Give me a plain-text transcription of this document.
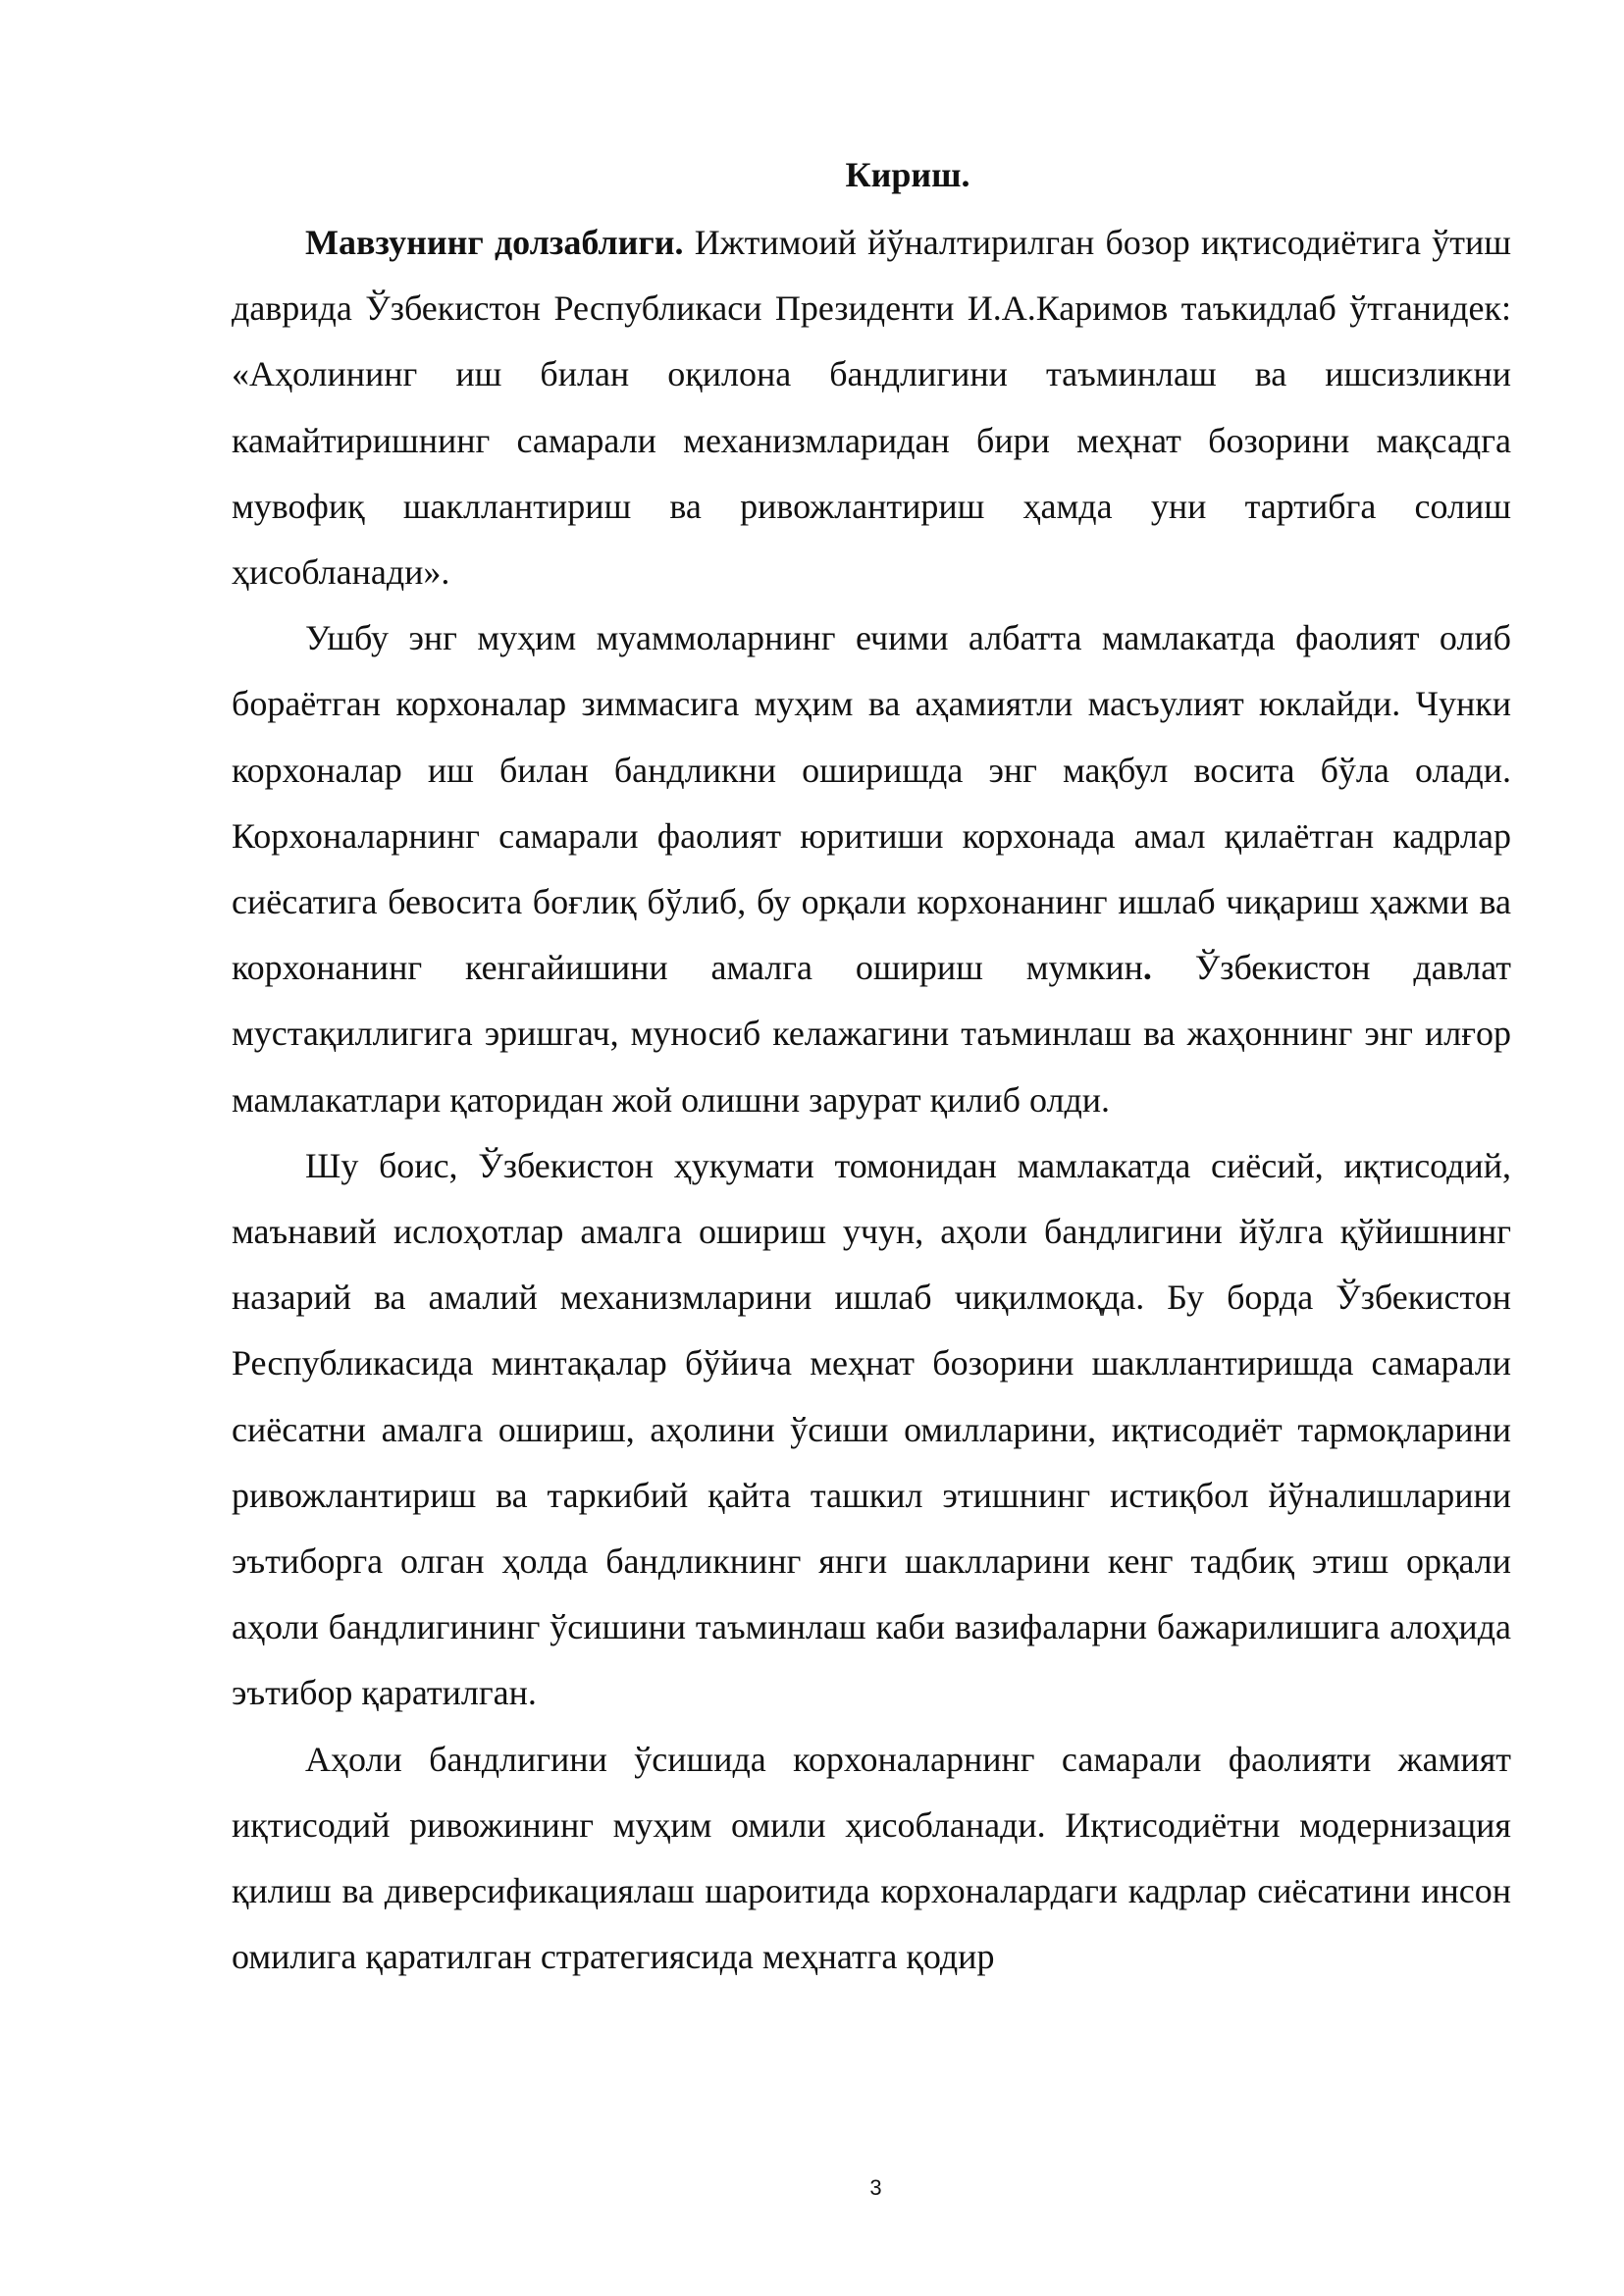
Кириш.

Мавзунинг долзаблиги. Ижтимоий йўналтирилган бозор иқтисодиётига ўтиш даврида Ўзбекистон Республикаси Президенти И.А.Каримов таъкидлаб ўтганидек: «Аҳолининг иш билан оқилона бандлигини таъминлаш ва ишсизликни камайтиришнинг самарали механизмларидан бири меҳнат бозорини мақсадга мувофиқ шакллантириш ва ривожлантириш ҳамда уни тартибга солиш ҳисобланади».

Ушбу энг муҳим муаммоларнинг ечими албатта мамлакатда фаолият олиб бораётган корхоналар зиммасига муҳим ва аҳамиятли масъулият юклайди. Чунки корхоналар иш билан бандликни оширишда энг мақбул восита бўла олади. Корхоналарнинг самарали фаолият юритиши корхонада амал қилаётган кадрлар сиёсатига бевосита боғлиқ бўлиб, бу орқали корхонанинг ишлаб чиқариш ҳажми ва корхонанинг кенгайишини амалга ошириш мумкин. Ўзбекистон давлат мустақиллигига эришгач, муносиб келажагини таъминлаш ва жаҳоннинг энг илғор мамлакатлари қаторидан жой олишни зарурат қилиб олди.

Шу боис, Ўзбекистон ҳукумати томонидан мамлакатда сиёсий, иқтисодий, маънавий ислоҳотлар амалга ошириш учун, аҳоли бандлигини йўлга қўйишнинг назарий ва амалий механизмларини ишлаб чиқилмоқда. Бу борда Ўзбекистон Республикасида минтақалар бўйича меҳнат бозорини шакллантиришда самарали сиёсатни амалга ошириш, аҳолини ўсиши омилларини, иқтисодиёт тармоқларини ривожлантириш ва таркибий қайта ташкил этишнинг истиқбол йўналишларини эътиборга олган ҳолда бандликнинг янги шаклларини кенг тадбиқ этиш орқали аҳоли бандлигининг ўсишини таъминлаш каби вазифаларни бажарилишига алоҳида эътибор қаратилган.

Аҳоли бандлигини ўсишида корхоналарнинг самарали фаолияти жамият иқтисодий ривожининг муҳим омили ҳисобланади. Иқтисодиётни модернизация қилиш ва диверсификациялаш шароитида корхоналардаги кадрлар сиёсатини инсон омилига қаратилган стратегиясида меҳнатга қодир

3
